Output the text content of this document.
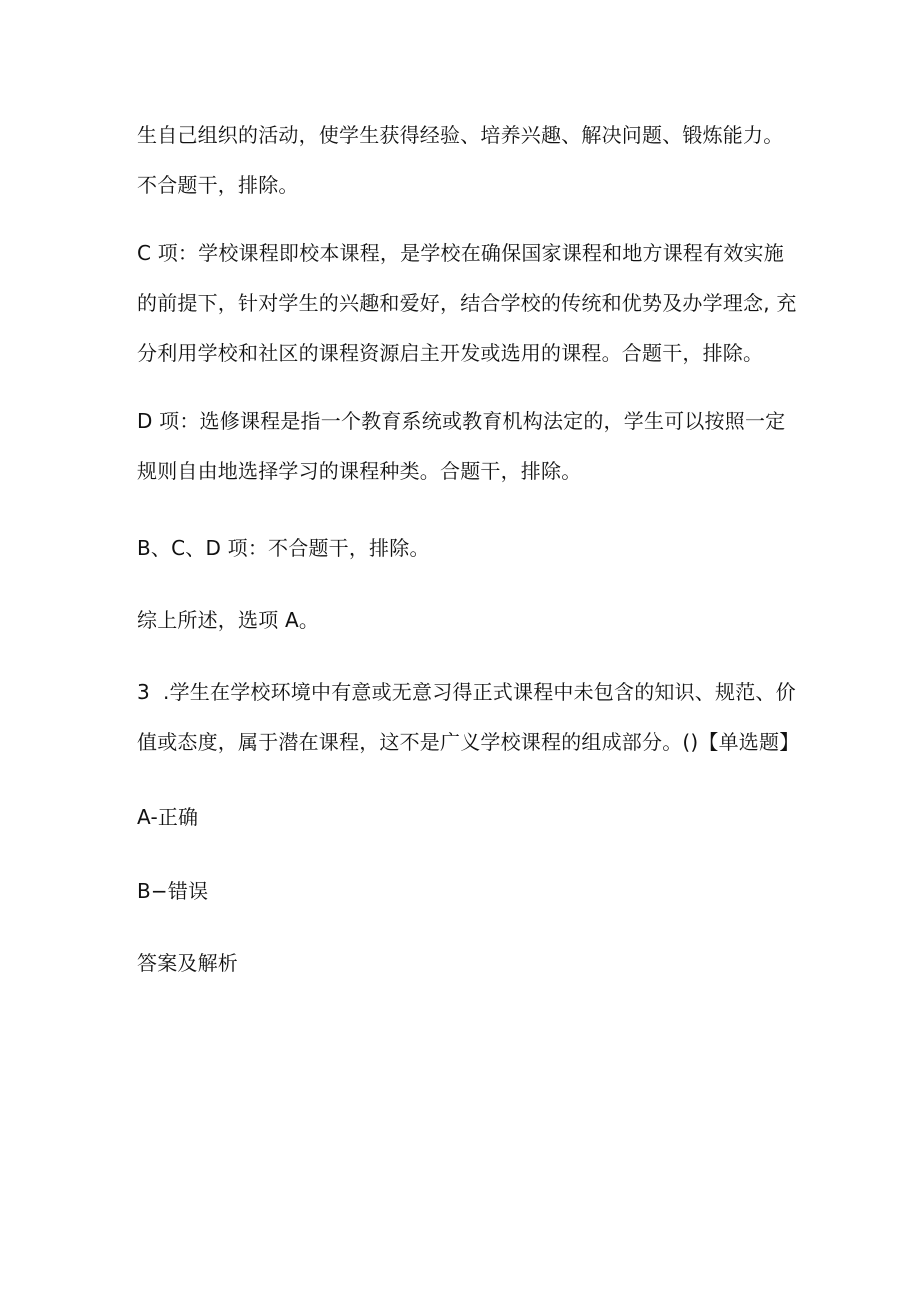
生自己组织的活动，使学生获得经验、培养兴趣、解决问题、锻炼能力。
不合题干，排除。
C 项：学校课程即校本课程，是学校在确保国家课程和地方课程有效实施
的前提下，针对学生的兴趣和爱好，结合学校的传统和优势及办学理念, 充
分利用学校和社区的课程资源启主开发或选用的课程。合题干，排除。
D 项：选修课程是指一个教育系统或教育机构法定的，学生可以按照一定
规则自由地选择学习的课程种类。合题干，排除。
B、C、D 项：不合题干，排除。
综上所述，选项 A。
3  .学生在学校环境中有意或无意习得正式课程中未包含的知识、规范、价
值或态度，属于潜在课程，这不是广义学校课程的组成部分。()【单选题】
A-正确
B−错误
答案及解析
